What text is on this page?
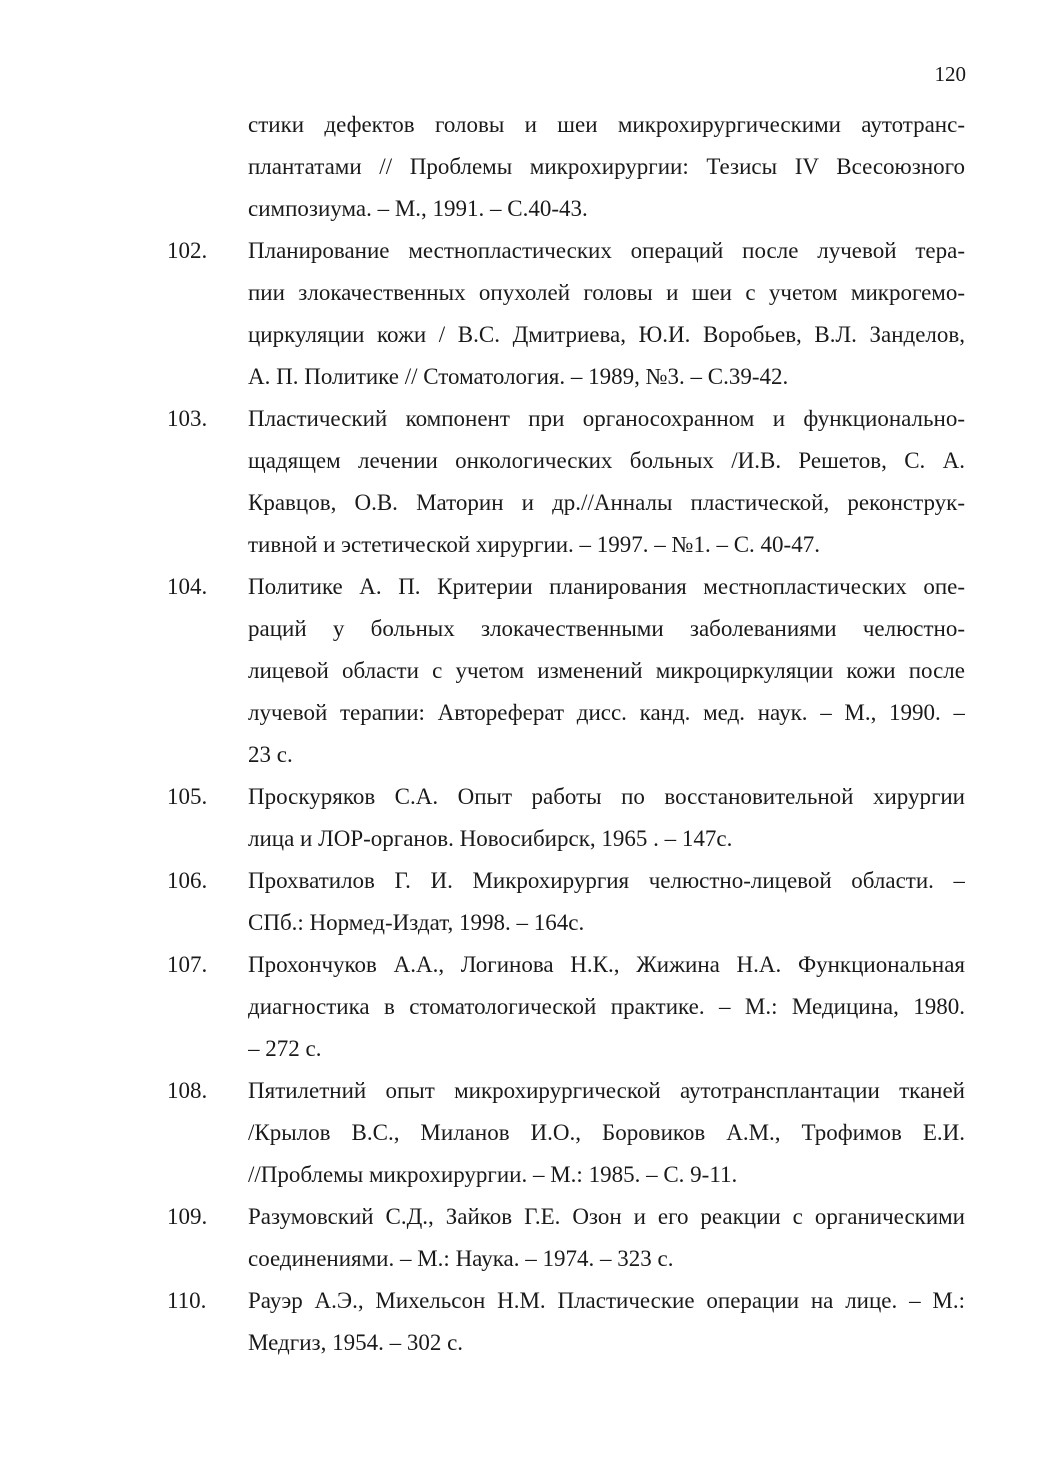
120
стики дефектов головы и шеи микрохирургическими аутотранс-
плантатами // Проблемы микрохирургии: Тезисы IV Всесоюзного
симпозиума. – М., 1991. – С.40-43.
102. Планирование местнопластических операций после лучевой тера-
пии злокачественных опухолей головы и шеи с учетом микрогемо-
циркуляции кожи / В.С. Дмитриева, Ю.И. Воробьев, В.Л. Занделов,
А. П. Политике // Стоматология. – 1989, №3. – С.39-42.
103. Пластический компонент при органосохранном и функционально-
щадящем лечении онкологических больных /И.В. Решетов, С. А.
Кравцов, О.В. Маторин и др.//Анналы пластической, реконструк-
тивной и эстетической хирургии. – 1997. – №1. – С. 40-47.
104. Политике А. П. Критерии планирования местнопластических опе-
раций у больных злокачественными заболеваниями челюстно-
лицевой области с учетом изменений микроциркуляции кожи после
лучевой терапии: Автореферат дисс. канд. мед. наук. – М., 1990. –
23 с.
105. Проскуряков С.А. Опыт работы по восстановительной хирургии
лица и ЛОР-органов. Новосибирск, 1965 . – 147с.
106. Прохватилов Г. И. Микрохирургия челюстно-лицевой области. –
СПб.: Нормед-Издат, 1998. – 164с.
107. Прохончуков А.А., Логинова Н.К., Жижина Н.А. Функциональная
диагностика в стоматологической практике. – М.: Медицина, 1980.
– 272 с.
108. Пятилетний опыт микрохирургической аутотрансплантации тканей
/Крылов В.С., Миланов И.О., Боровиков А.М., Трофимов Е.И.
//Проблемы микрохирургии. – М.: 1985. – С. 9-11.
109. Разумовский С.Д., Зайков Г.Е. Озон и его реакции с органическими
соединениями. – М.: Наука. – 1974. – 323 с.
110. Рауэр А.Э., Михельсон Н.М. Пластические операции на лице. – М.:
Медгиз, 1954. – 302 с.
